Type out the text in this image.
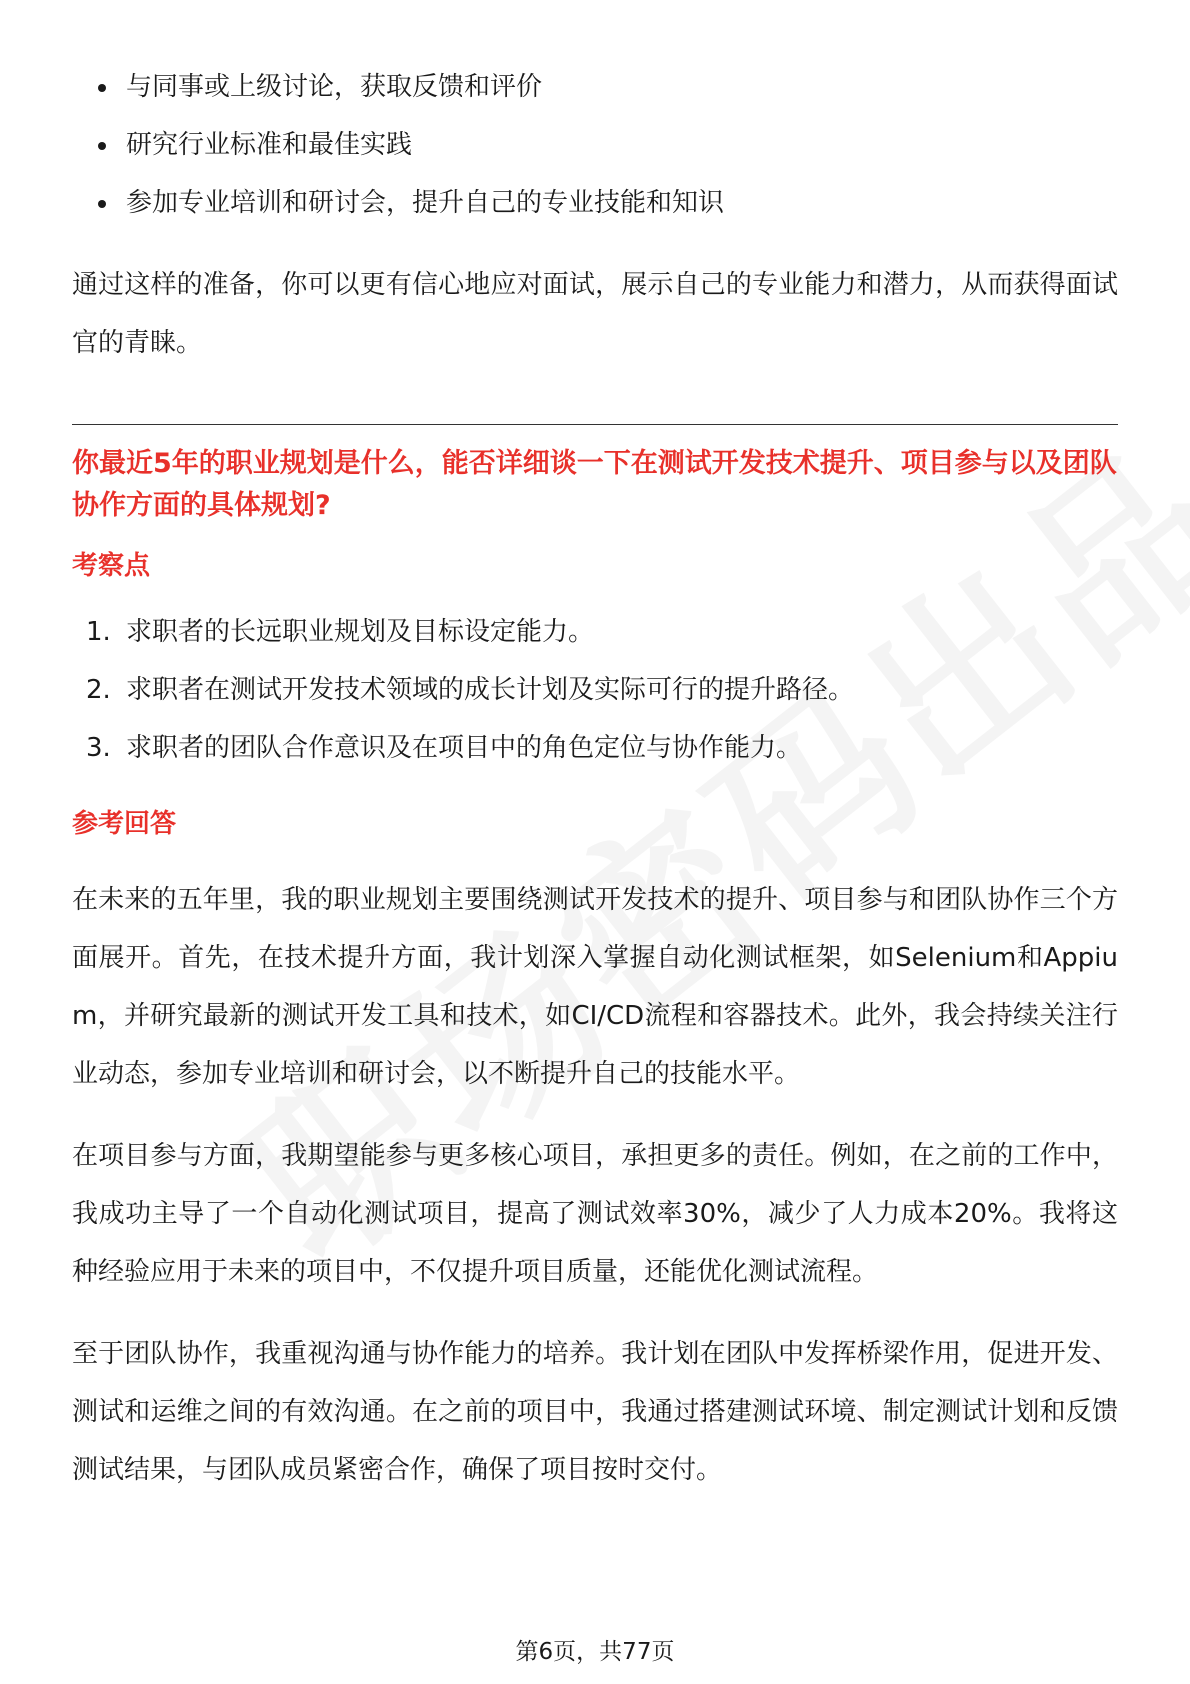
与同事或上级讨论，获取反馈和评价
研究行业标准和最佳实践
参加专业培训和研讨会，提升自己的专业技能和知识

通过这样的准备，你可以更有信心地应对面试，展示自己的专业能力和潜力，从而获得面试官的青睐。

你最近5年的职业规划是什么，能否详细谈一下在测试开发技术提升、项目参与以及团队协作方面的具体规划?
考察点
1. 求职者的长远职业规划及目标设定能力。
2. 求职者在测试开发技术领域的成长计划及实际可行的提升路径。
3. 求职者的团队合作意识及在项目中的角色定位与协作能力。
参考回答

在未来的五年里，我的职业规划主要围绕测试开发技术的提升、项目参与和团队协作三个方面展开。首先，在技术提升方面，我计划深入掌握自动化测试框架，如Selenium和Appium，并研究最新的测试开发工具和技术，如CI/CD流程和容器技术。此外，我会持续关注行业动态，参加专业培训和研讨会，以不断提升自己的技能水平。

在项目参与方面，我期望能参与更多核心项目，承担更多的责任。例如，在之前的工作中，我成功主导了一个自动化测试项目，提高了测试效率30%，减少了人力成本20%。我将这种经验应用于未来的项目中，不仅提升项目质量，还能优化测试流程。

至于团队协作，我重视沟通与协作能力的培养。我计划在团队中发挥桥梁作用，促进开发、测试和运维之间的有效沟通。在之前的项目中，我通过搭建测试环境、制定测试计划和反馈测试结果，与团队成员紧密合作，确保了项目按时交付。

第6页，共77页
